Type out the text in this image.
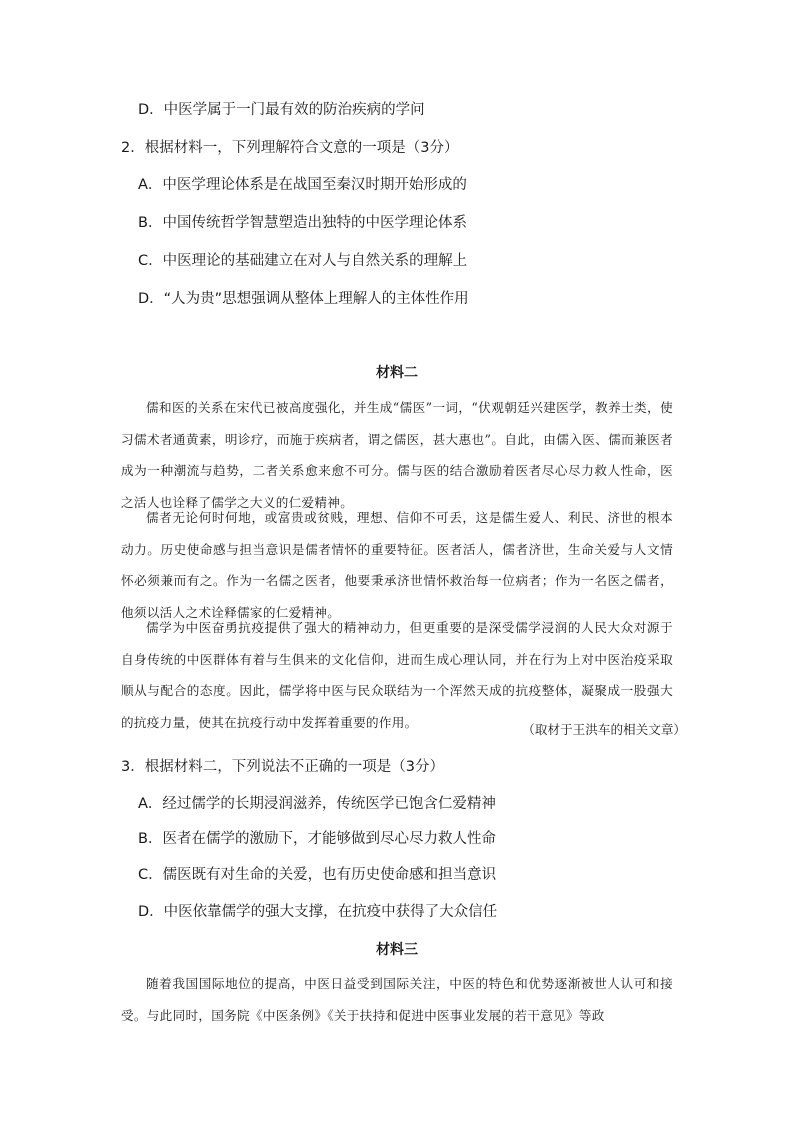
D．中医学属于一门最有效的防治疾病的学问
2．根据材料一，下列理解符合文意的一项是（3分）
A．中医学理论体系是在战国至秦汉时期开始形成的
B．中国传统哲学智慧塑造出独特的中医学理论体系
C．中医理论的基础建立在对人与自然关系的理解上
D．“人为贵”思想强调从整体上理解人的主体性作用
材料二
儒和医的关系在宋代已被高度强化，并生成“儒医”一词，“伏观朝廷兴建医学，教养士类，使习儒术者通黄素，明诊疗，而施于疾病者，谓之儒医，甚大惠也”。自此，由儒入医、儒而兼医者成为一种潮流与趋势，二者关系愈来愈不可分。儒与医的结合激励着医者尽心尽力救人性命，医之活人也诠释了儒学之大义的仁爱精神。
儒者无论何时何地，或富贵或贫贱，理想、信仰不可丢，这是儒生爱人、利民、济世的根本动力。历史使命感与担当意识是儒者情怀的重要特征。医者活人，儒者济世，生命关爱与人文情怀必须兼而有之。作为一名儒之医者，他要秉承济世情怀救治每一位病者；作为一名医之儒者，他须以活人之术诠释儒家的仁爱精神。
儒学为中医奋勇抗疫提供了强大的精神动力，但更重要的是深受儒学浸润的人民大众对源于自身传统的中医群体有着与生俱来的文化信仰，进而生成心理认同，并在行为上对中医治疫采取顺从与配合的态度。因此，儒学将中医与民众联结为一个浑然天成的抗疫整体，凝聚成一股强大的抗疫力量，使其在抗疫行动中发挥着重要的作用。	（取材于王洪车的相关文章）
3．根据材料二，下列说法不正确的一项是（3分）
A．经过儒学的长期浸润滋养，传统医学已饱含仁爱精神
B．医者在儒学的激励下，才能够做到尽心尽力救人性命
C．儒医既有对生命的关爱，也有历史使命感和担当意识
D．中医依靠儒学的强大支撑，在抗疫中获得了大众信任
材料三
随着我国国际地位的提高，中医日益受到国际关注，中医的特色和优势逐渐被世人认可和接受。与此同时，国务院《中医条例》《关于扶持和促进中医事业发展的若干意见》等政
